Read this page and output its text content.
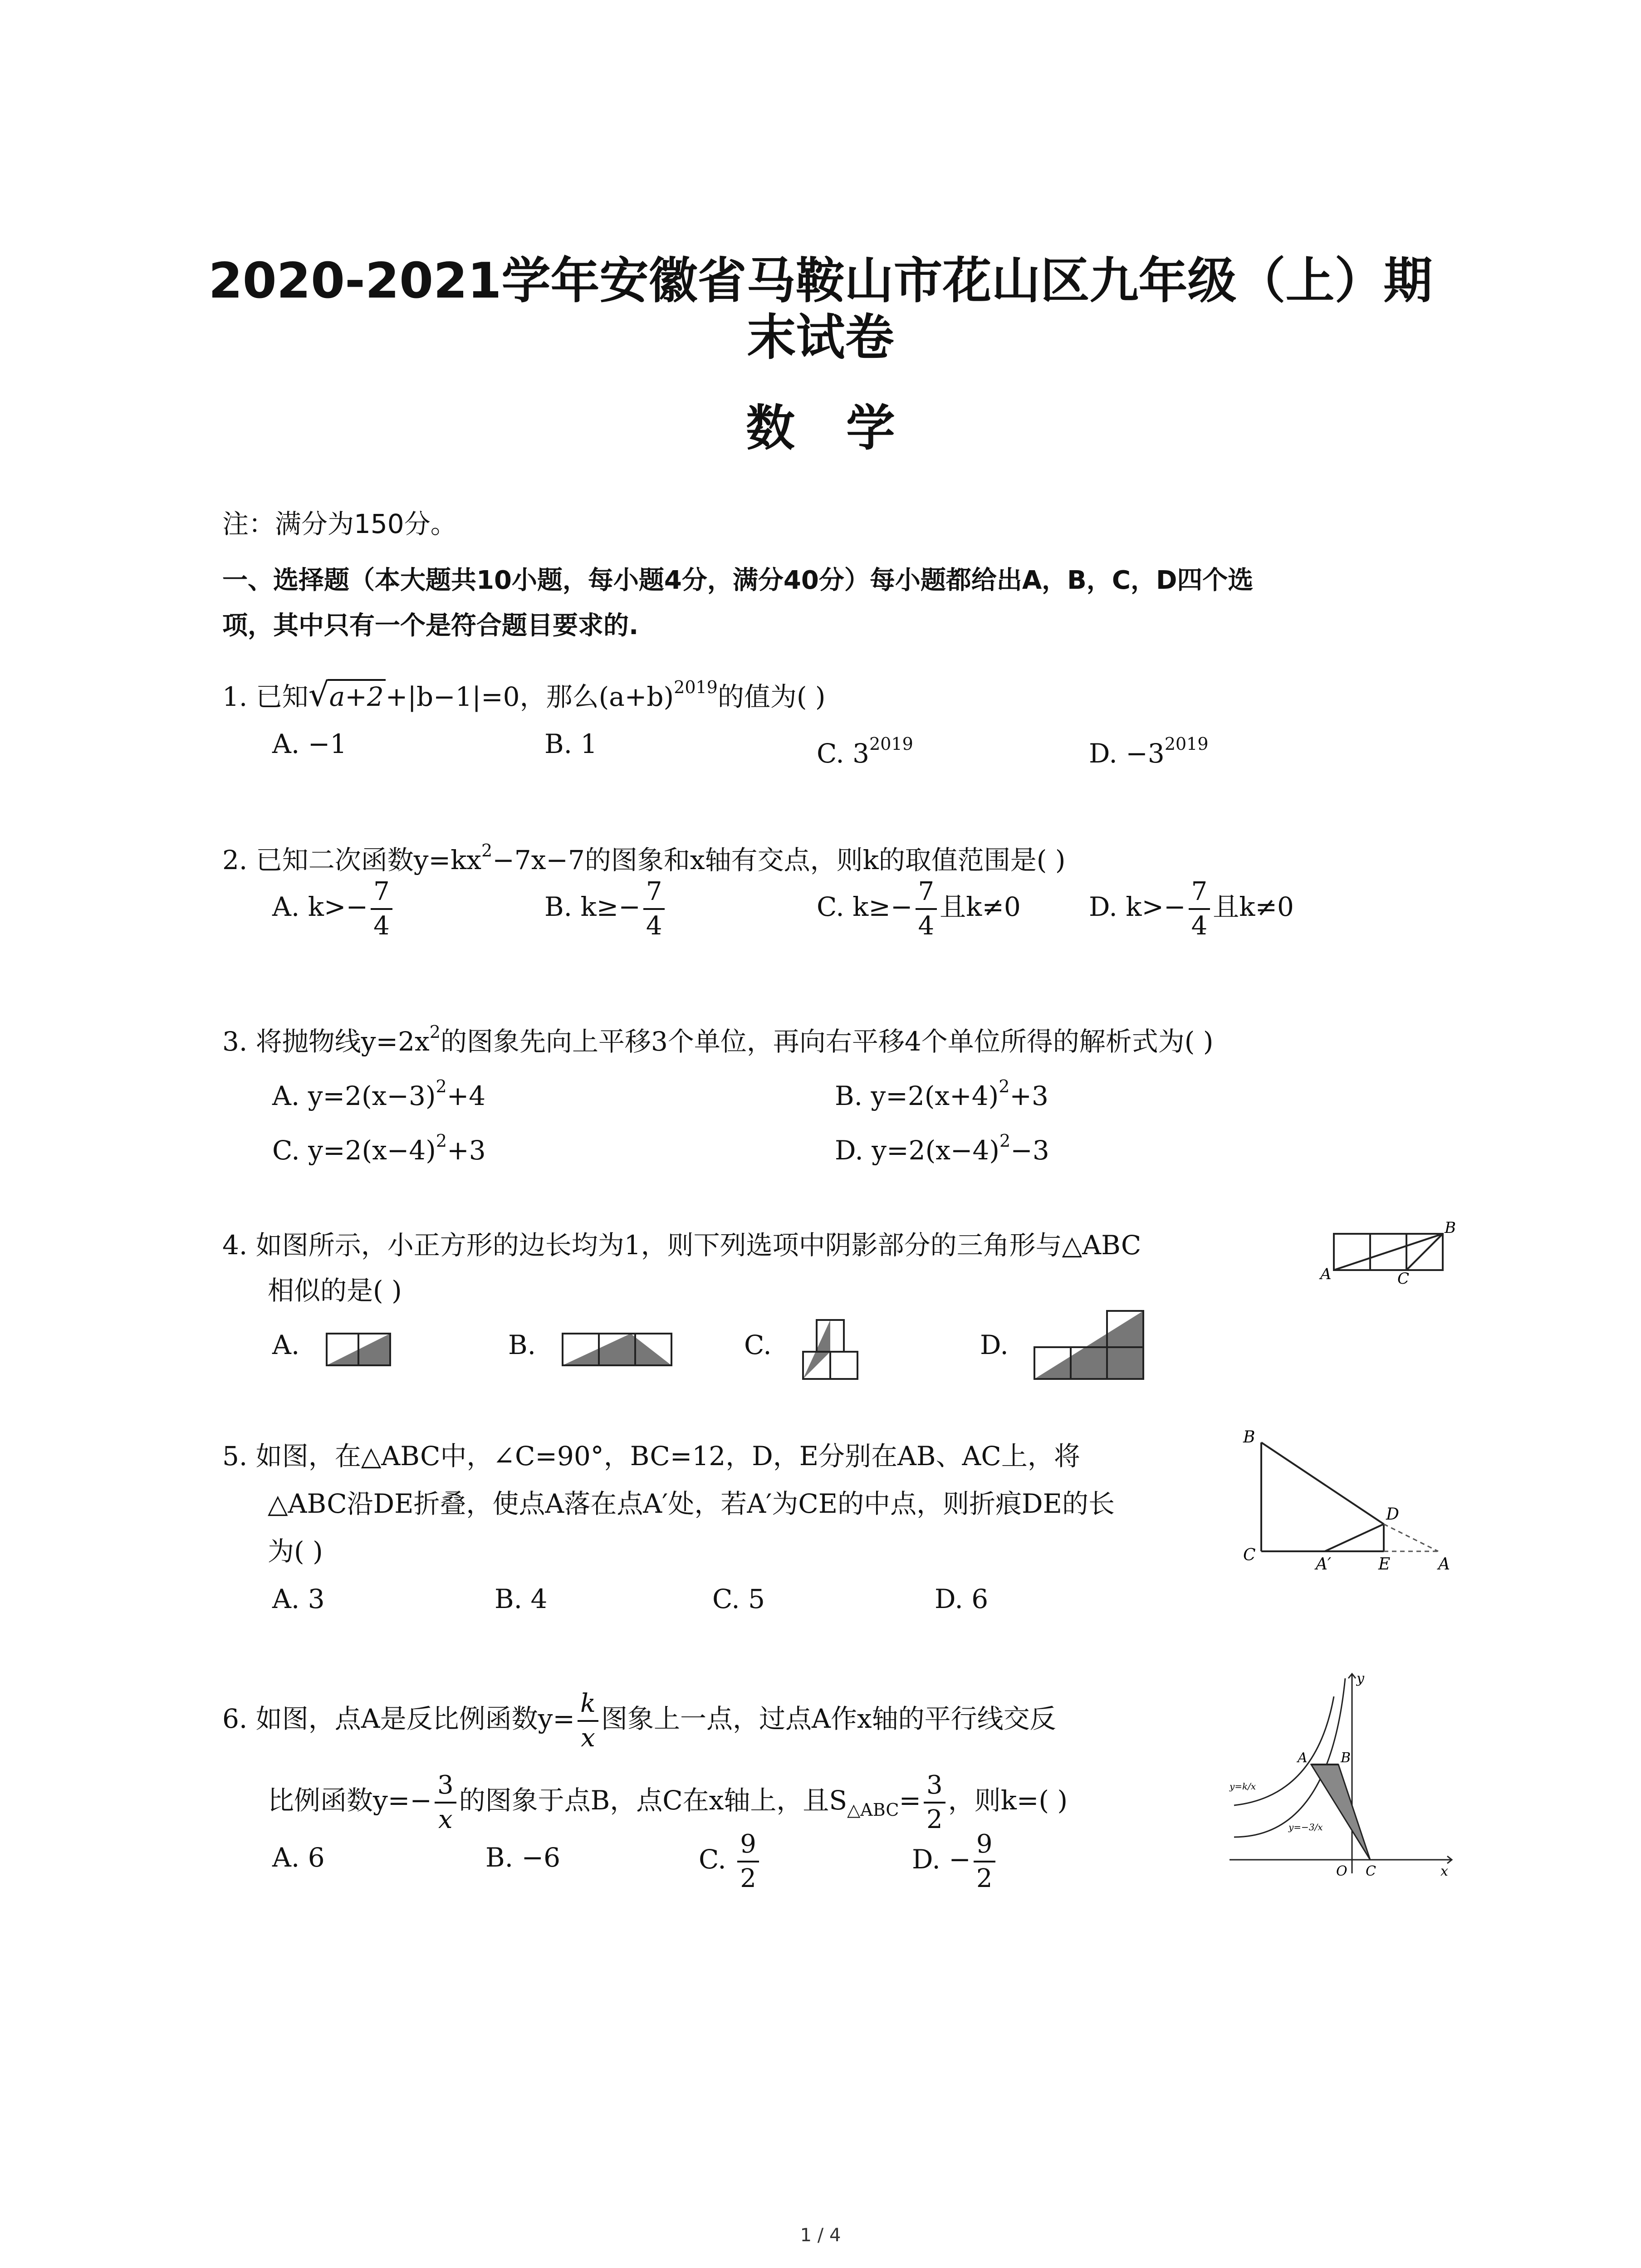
2020-2021学年安徽省马鞍山市花山区九年级（上）期
末试卷
数   学
注：满分为150分。
一、选择题（本大题共10小题，每小题4分，满分40分）每小题都给出A，B，C，D四个选
项，其中只有一个是符合题目要求的.
1. 已知√a+2+|b−1|=0，那么$(a+b)^{2019}$的值为( )
A. −1	B. 1	C. $3^{2019}$	D. $-3^{2019}$
2. 已知二次函数$y=kx^2-7x-7$的图象和x轴有交点，则k的取值范围是( )
A. $k>- \frac{7}{4}$	B. $k\ge- \frac{7}{4}$	C. $k\ge- \frac{7}{4}$ 且k≠0	D. $k>- \frac{7}{4}$ 且k≠0
3. 将抛物线$y=2x^2$的图象先向上平移3个单位，再向右平移4个单位所得的解析式为( )
A. $y=2(x-3)^2+4$	B. $y=2(x+4)^2+3$
C. $y=2(x-4)^2+3$	D. $y=2(x-4)^2-3$
4. 如图所示，小正方形的边长均为1，则下列选项中阴影部分的三角形与△ABC
相似的是( )
A
B
C
A.	B.	C.	D.
5. 如图，在△ABC中，∠C=90°，BC=12，D，E分别在AB、AC上，将
△ABC沿DE折叠，使点A落在点A′处，若A′为CE的中点，则折痕DE的长
为( )
B
C
D
A′	E	A
A. 3	B. 4	C. 5	D. 6
6. 如图，点A是反比例函数$y= \frac{k}{x}$ 图象上一点，过点A作x轴的平行线交反
比例函数$y=- \frac{3}{x}$ 的图象于点B，点C在x轴上，且$S_{\triangle ABC}= \frac{3}{2}$ ，则k=( )
y
x
O C
A B
y=k/x
y=−3/x
A. 6	B. −6	C. $\frac{9}{2}$	D. − $\frac{9}{2}$
1 / 4
